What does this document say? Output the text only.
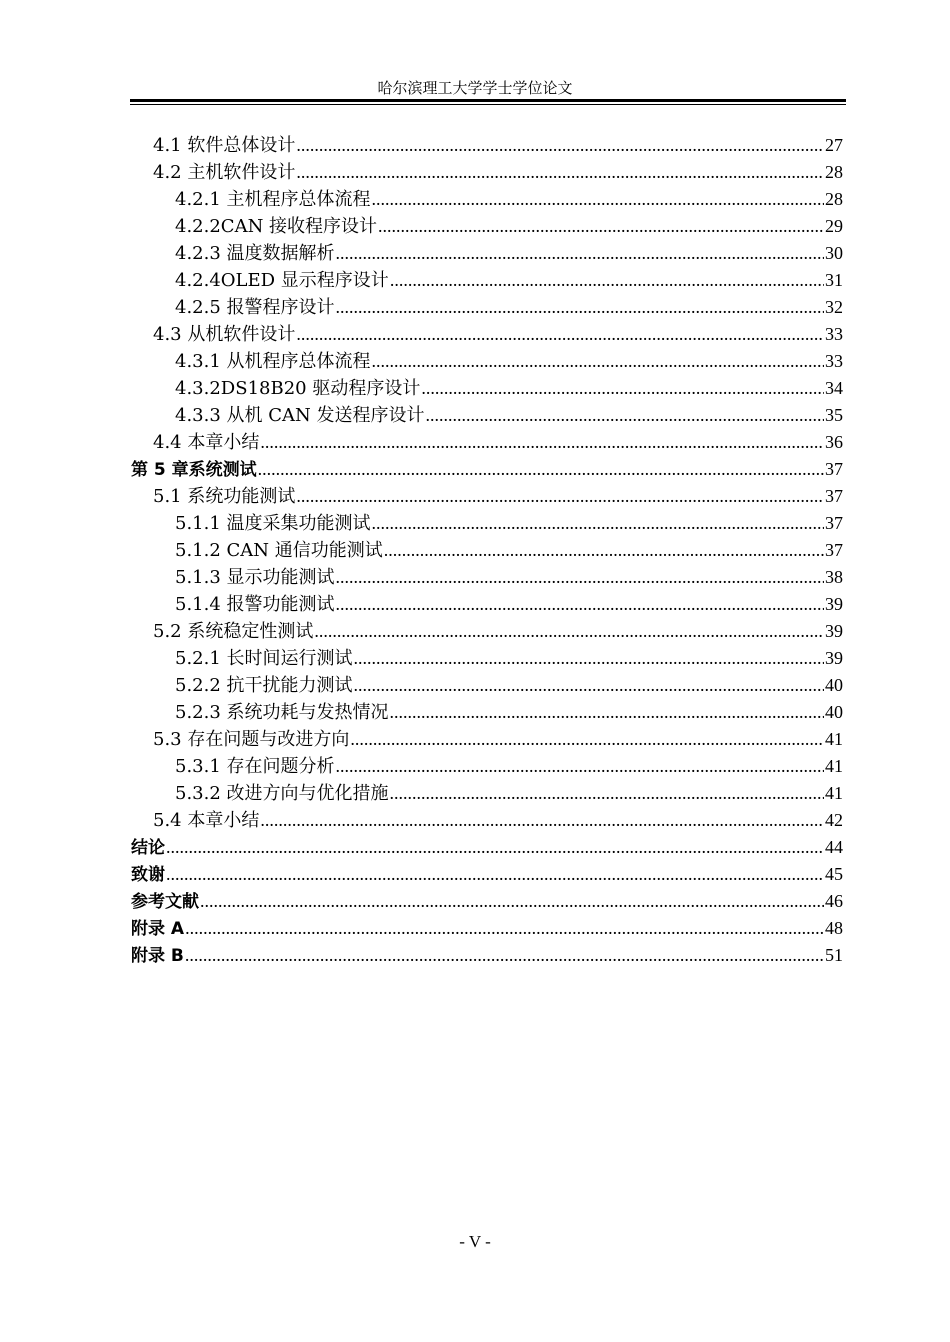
哈尔滨理工大学学士学位论文
4.1 软件总体设计 .....	27
4.2 主机软件设计 .....	28
4.2.1 主机程序总体流程 .....	28
4.2.2CAN 接收程序设计 .....	29
4.2.3 温度数据解析 .....	30
4.2.4OLED 显示程序设计 .....	31
4.2.5 报警程序设计 .....	32
4.3 从机软件设计 .....	33
4.3.1 从机程序总体流程 .....	33
4.3.2DS18B20 驱动程序设计 .....	34
4.3.3 从机 CAN 发送程序设计 .....	35
4.4 本章小结 .....	36
第 5 章系统测试 .....	37
5.1 系统功能测试 .....	37
5.1.1 温度采集功能测试 .....	37
5.1.2 CAN 通信功能测试 .....	37
5.1.3 显示功能测试 .....	38
5.1.4 报警功能测试 .....	39
5.2 系统稳定性测试 .....	39
5.2.1 长时间运行测试 .....	39
5.2.2 抗干扰能力测试 .....	40
5.2.3 系统功耗与发热情况 .....	40
5.3 存在问题与改进方向 .....	41
5.3.1 存在问题分析 .....	41
5.3.2 改进方向与优化措施 .....	41
5.4 本章小结 .....	42
结论 .....	44
致谢 .....	45
参考文献 .....	46
附录 A .....	48
附录 B .....	51
- V -
